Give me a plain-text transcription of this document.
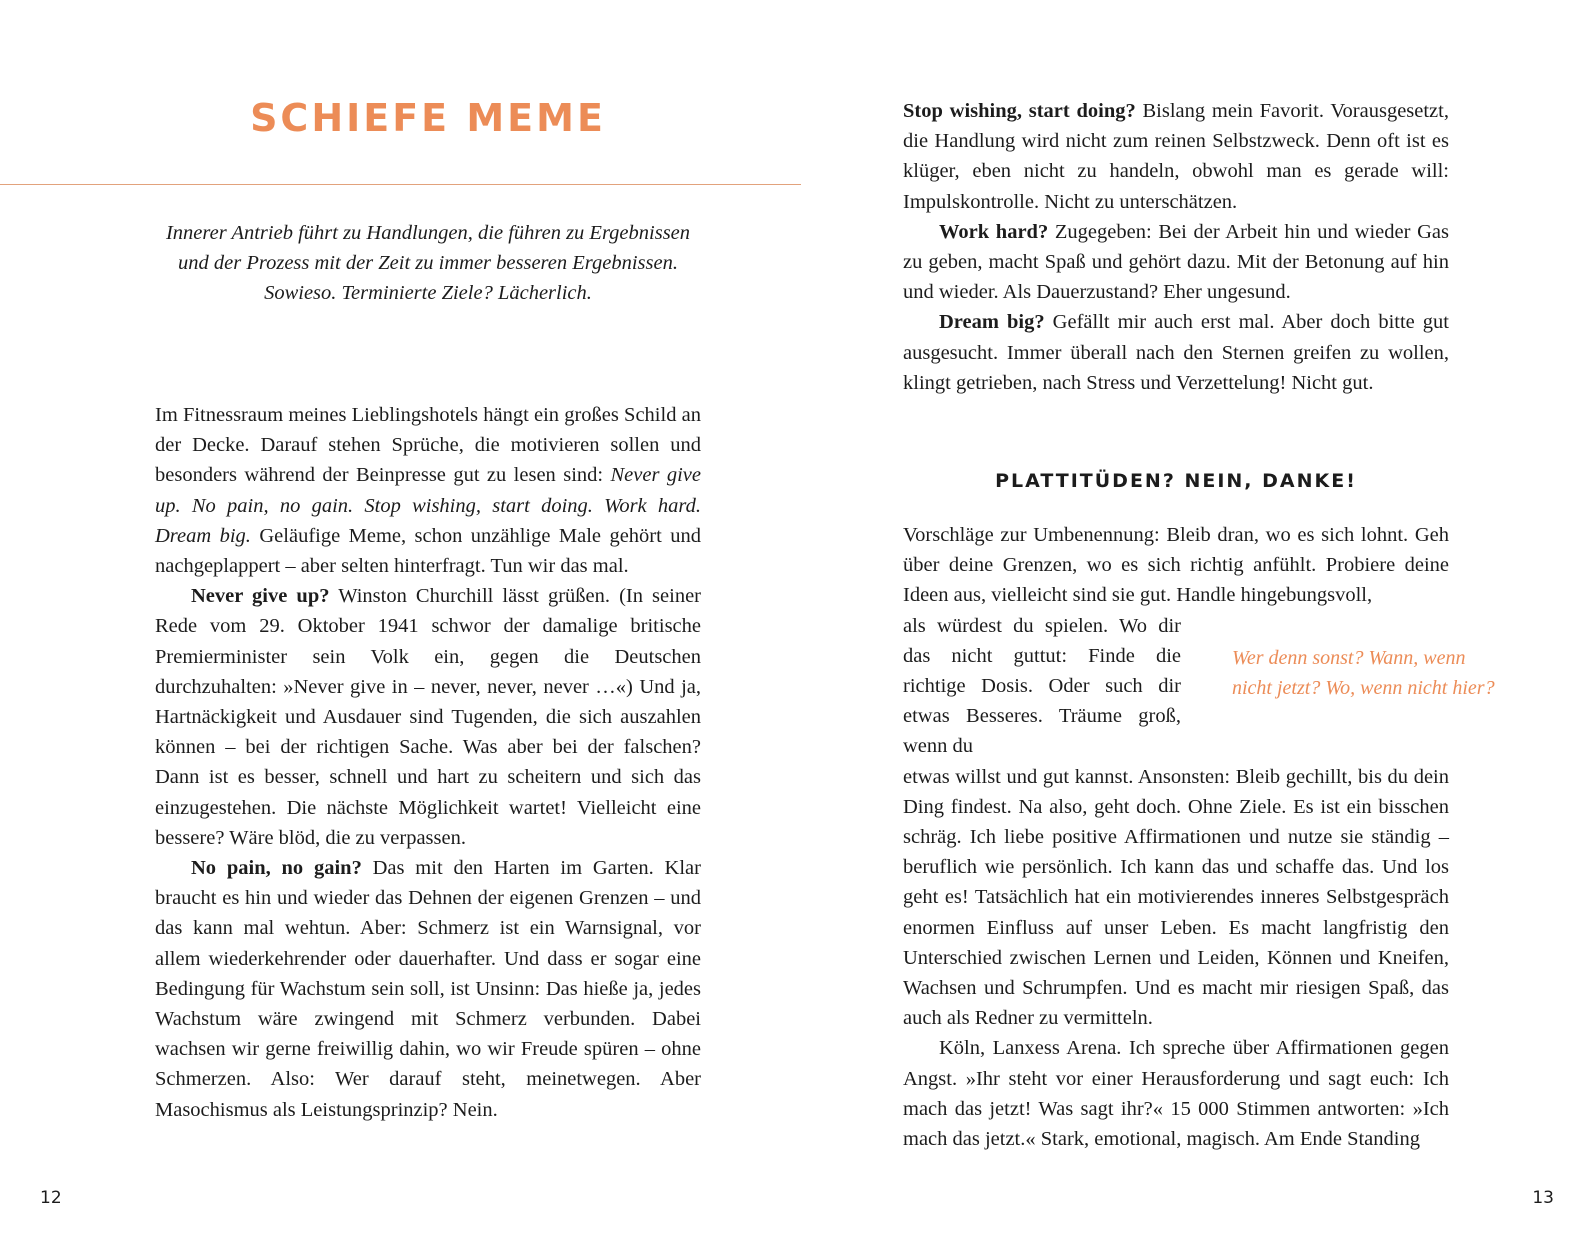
SCHIEFE MEME
Innerer Antrieb führt zu Handlungen, die führen zu Ergebnissen
und der Prozess mit der Zeit zu immer besseren Ergebnissen.
Sowieso. Terminierte Ziele? Lächerlich.

Im Fitnessraum meines Lieblingshotels hängt ein großes Schild an der Decke. Darauf stehen Sprüche, die motivieren sollen und besonders während der Beinpresse gut zu lesen sind: Never give up. No pain, no gain. Stop wishing, start doing. Work hard. Dream big. Geläufige Meme, schon unzählige Male gehört und nachgeplappert – aber selten hinterfragt. Tun wir das mal.

Never give up? Winston Churchill lässt grüßen. (In seiner Rede vom 29. Oktober 1941 schwor der damalige britische Premierminister sein Volk ein, gegen die Deutschen durchzuhalten: »Never give in – never, never, never …«) Und ja, Hartnäckigkeit und Ausdauer sind Tugenden, die sich auszahlen können – bei der richtigen Sache. Was aber bei der falschen? Dann ist es besser, schnell und hart zu scheitern und sich das einzugestehen. Die nächste Möglichkeit wartet! Vielleicht eine bessere? Wäre blöd, die zu verpassen.

No pain, no gain? Das mit den Harten im Garten. Klar braucht es hin und wieder das Dehnen der eigenen Grenzen – und das kann mal wehtun. Aber: Schmerz ist ein Warnsignal, vor allem wiederkehrender oder dauerhafter. Und dass er sogar eine Bedingung für Wachstum sein soll, ist Unsinn: Das hieße ja, jedes Wachstum wäre zwingend mit Schmerz verbunden. Dabei wachsen wir gerne freiwillig dahin, wo wir Freude spüren – ohne Schmerzen. Also: Wer darauf steht, meinetwegen. Aber Masochismus als Leistungsprinzip? Nein.

12

Stop wishing, start doing? Bislang mein Favorit. Vorausgesetzt, die Handlung wird nicht zum reinen Selbstzweck. Denn oft ist es klüger, eben nicht zu handeln, obwohl man es gerade will: Impulskontrolle. Nicht zu unterschätzen.

Work hard? Zugegeben: Bei der Arbeit hin und wieder Gas zu geben, macht Spaß und gehört dazu. Mit der Betonung auf hin und wieder. Als Dauerzustand? Eher ungesund.

Dream big? Gefällt mir auch erst mal. Aber doch bitte gut ausgesucht. Immer überall nach den Sternen greifen zu wollen, klingt getrieben, nach Stress und Verzettelung! Nicht gut.

PLATTITÜDEN? NEIN, DANKE!

Vorschläge zur Umbenennung: Bleib dran, wo es sich lohnt. Geh über deine Grenzen, wo es sich richtig anfühlt. Probiere deine Ideen aus, vielleicht sind sie gut. Handle hingebungsvoll,

als würdest du spielen. Wo dir das nicht guttut: Finde die richtige Dosis. Oder such dir etwas Besseres. Träume groß, wenn du

etwas willst und gut kannst. Ansonsten: Bleib gechillt, bis du dein Ding findest. Na also, geht doch. Ohne Ziele. Es ist ein bisschen schräg. Ich liebe positive Affirmationen und nutze sie ständig – beruflich wie persönlich. Ich kann das und schaffe das. Und los geht es! Tatsächlich hat ein motivierendes inneres Selbstgespräch enormen Einfluss auf unser Leben. Es macht langfristig den Unterschied zwischen Lernen und Leiden, Können und Kneifen, Wachsen und Schrumpfen. Und es macht mir riesigen Spaß, das auch als Redner zu vermitteln.

Köln, Lanxess Arena. Ich spreche über Affirmationen gegen Angst. »Ihr steht vor einer Herausforderung und sagt euch: Ich mach das jetzt! Was sagt ihr?« 15 000 Stimmen antworten: »Ich mach das jetzt.« Stark, emotional, magisch. Am Ende Standing

Wer denn sonst? Wann, wenn
nicht jetzt? Wo, wenn nicht hier?
13
